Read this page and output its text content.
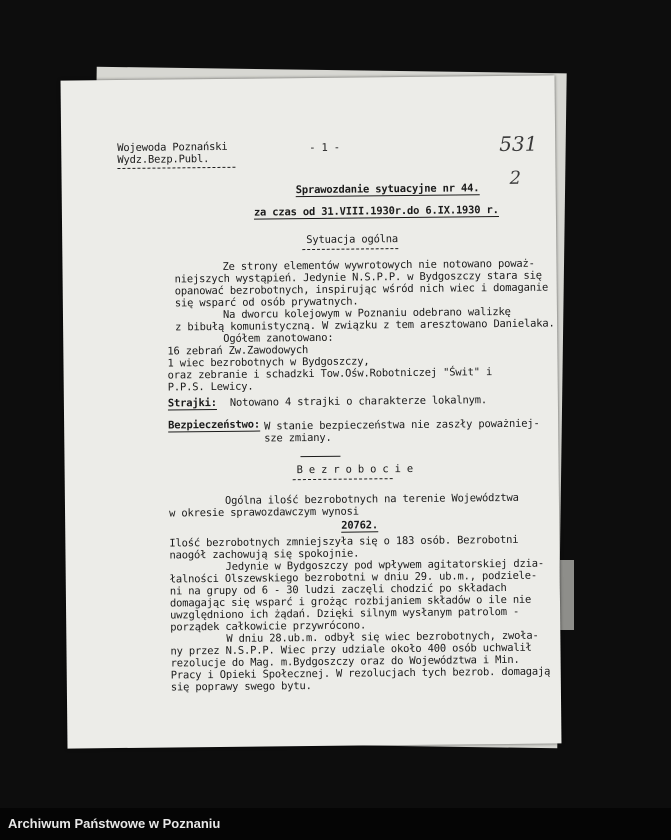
Wojewoda Poznański
Wydz.Bezp.Publ.
- 1 -	531
2
Sprawozdanie sytuacyjne nr 44.
za czas od 31.VIII.1930r.do 6.IX.1930 r.
Sytuacja ogólna
Ze strony elementów wywrotowych nie notowano poważ-
niejszych wystąpień. Jedynie N.S.P.P. w Bydgoszczy stara się
opanować bezrobotnych, inspirując wśród nich wiec i domaganie
się wsparć od osób prywatnych.
Na dworcu kolejowym w Poznaniu odebrano walizkę
z bibułą komunistyczną. W związku z tem aresztowano Danielaka.
Ogółem zanotowano:
16 zebrań Zw.Zawodowych
1 wiec bezrobotnych w Bydgoszczy,
oraz zebranie i schadzki Tow.Ośw.Robotniczej "Świt" i
P.P.S. Lewicy.
Strajki: Notowano 4 strajki o charakterze lokalnym.
Bezpieczeństwo: W stanie bezpieczeństwa nie zaszły poważniej-
sze zmiany.
B e z r o b o c i e
Ogólna ilość bezrobotnych na terenie Województwa
w okresie sprawozdawczym wynosi
20762.
Ilość bezrobotnych zmniejszyła się o 183 osób. Bezrobotni
naogół zachowują się spokojnie.
Jedynie w Bydgoszczy pod wpływem agitatorskiej dzia-
łalności Olszewskiego bezrobotni w dniu 29. ub.m., podziele-
ni na grupy od 6 - 30 ludzi zaczęli chodzić po składach
domagając się wsparć i grożąc rozbijaniem składów o ile nie
uwzględniono ich żądań. Dzięki silnym wysłanym patrolom -
porządek całkowicie przywrócono.
W dniu 28.ub.m. odbył się wiec bezrobotnych, zwoła-
ny przez N.S.P.P. Wiec przy udziale około 400 osób uchwalił
rezolucje do Mag. m.Bydgoszczy oraz do Województwa i Min.
Pracy i Opieki Społecznej. W rezolucjach tych bezrob. domagają
się poprawy swego bytu.
Archiwum Państwowe w Poznaniu
